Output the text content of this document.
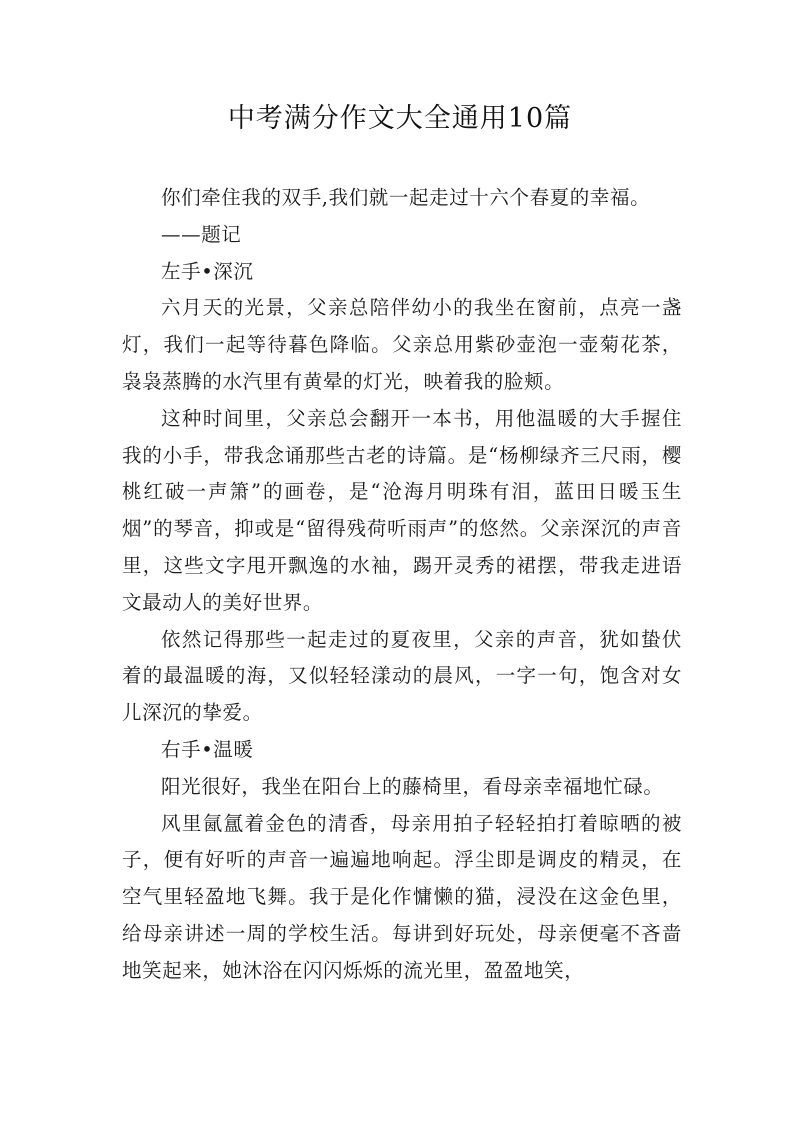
中考满分作文大全通用10篇

你们牵住我的双手,我们就一起走过十六个春夏的幸福。

——题记

左手•深沉

六月天的光景，父亲总陪伴幼小的我坐在窗前，点亮一盏灯，我们一起等待暮色降临。父亲总用紫砂壶泡一壶菊花茶，袅袅蒸腾的水汽里有黄晕的灯光，映着我的脸颊。

这种时间里，父亲总会翻开一本书，用他温暖的大手握住我的小手，带我念诵那些古老的诗篇。是“杨柳绿齐三尺雨，樱桃红破一声箫”的画卷，是“沧海月明珠有泪，蓝田日暖玉生烟”的琴音，抑或是“留得残荷听雨声”的悠然。父亲深沉的声音里，这些文字甩开飘逸的水袖，踢开灵秀的裙摆，带我走进语文最动人的美好世界。

依然记得那些一起走过的夏夜里，父亲的声音，犹如蛰伏着的最温暖的海，又似轻轻漾动的晨风，一字一句，饱含对女儿深沉的挚爱。

右手•温暖

阳光很好，我坐在阳台上的藤椅里，看母亲幸福地忙碌。

风里氤氲着金色的清香，母亲用拍子轻轻拍打着晾晒的被子，便有好听的声音一遍遍地响起。浮尘即是调皮的精灵，在空气里轻盈地飞舞。我于是化作慵懒的猫，浸没在这金色里，给母亲讲述一周的学校生活。每讲到好玩处，母亲便毫不吝啬地笑起来，她沐浴在闪闪烁烁的流光里，盈盈地笑，
